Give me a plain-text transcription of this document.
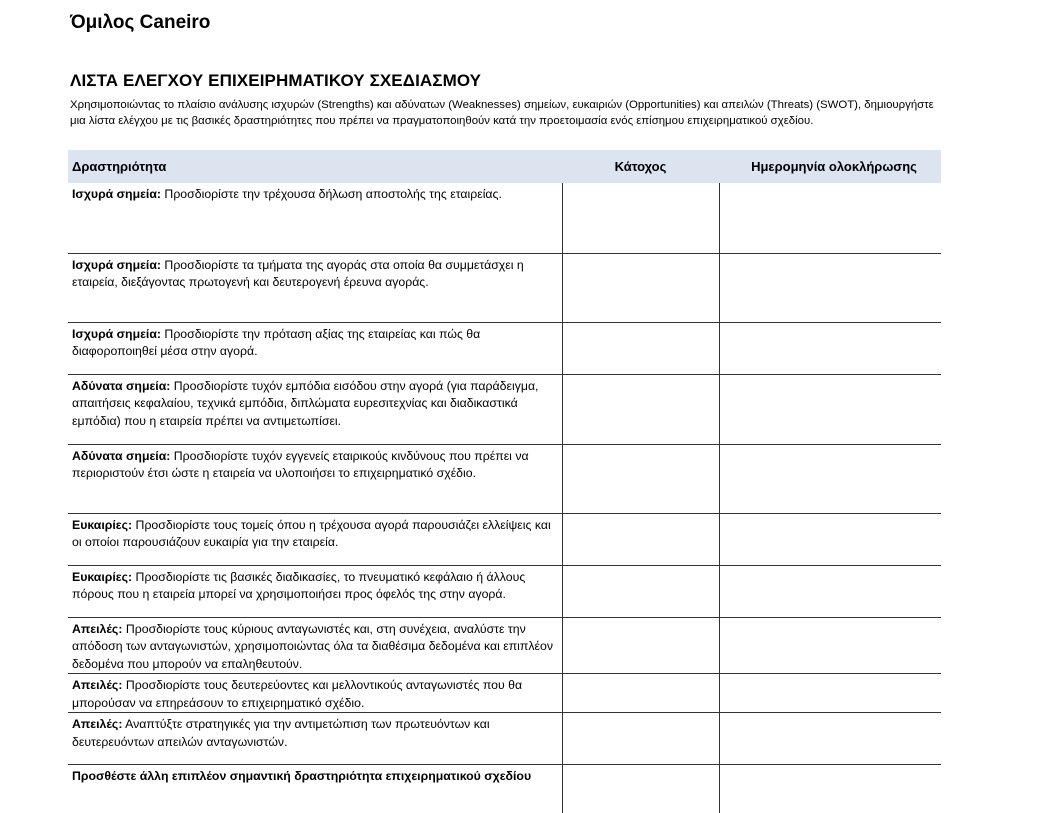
Όμιλος Caneiro
ΛΙΣΤΑ ΕΛΕΓΧΟΥ ΕΠΙΧΕΙΡΗΜΑΤΙΚΟΥ ΣΧΕΔΙΑΣΜΟΥ
Χρησιμοποιώντας το πλαίσιο ανάλυσης ισχυρών (Strengths) και αδύνατων (Weaknesses) σημείων, ευκαιριών (Opportunities) και απειλών (Threats) (SWOT), δημιουργήστε μια λίστα ελέγχου με τις βασικές δραστηριότητες που πρέπει να πραγματοποιηθούν κατά την προετοιμασία ενός επίσημου επιχειρηματικού σχεδίου.
Δραστηριότητα	Κάτοχος	Ημερομηνία ολοκλήρωσης
Ισχυρά σημεία: Προσδιορίστε την τρέχουσα δήλωση αποστολής της εταιρείας.		
Ισχυρά σημεία: Προσδιορίστε τα τμήματα της αγοράς στα οποία θα συμμετάσχει η εταιρεία, διεξάγοντας πρωτογενή και δευτερογενή έρευνα αγοράς.		
Ισχυρά σημεία: Προσδιορίστε την πρόταση αξίας της εταιρείας και πώς θα διαφοροποιηθεί μέσα στην αγορά.		
Αδύνατα σημεία: Προσδιορίστε τυχόν εμπόδια εισόδου στην αγορά (για παράδειγμα, απαιτήσεις κεφαλαίου, τεχνικά εμπόδια, διπλώματα ευρεσιτεχνίας και διαδικαστικά εμπόδια) που η εταιρεία πρέπει να αντιμετωπίσει.		
Αδύνατα σημεία: Προσδιορίστε τυχόν εγγενείς εταιρικούς κινδύνους που πρέπει να περιοριστούν έτσι ώστε η εταιρεία να υλοποιήσει το επιχειρηματικό σχέδιο.		
Ευκαιρίες: Προσδιορίστε τους τομείς όπου η τρέχουσα αγορά παρουσιάζει ελλείψεις και οι οποίοι παρουσιάζουν ευκαιρία για την εταιρεία.		
Ευκαιρίες: Προσδιορίστε τις βασικές διαδικασίες, το πνευματικό κεφάλαιο ή άλλους πόρους που η εταιρεία μπορεί να χρησιμοποιήσει προς όφελός της στην αγορά.		
Απειλές: Προσδιορίστε τους κύριους ανταγωνιστές και, στη συνέχεια, αναλύστε την απόδοση των ανταγωνιστών, χρησιμοποιώντας όλα τα διαθέσιμα δεδομένα και επιπλέον δεδομένα που μπορούν να επαληθευτούν.		
Απειλές: Προσδιορίστε τους δευτερεύοντες και μελλοντικούς ανταγωνιστές που θα μπορούσαν να επηρεάσουν το επιχειρηματικό σχέδιο.		
Απειλές: Αναπτύξτε στρατηγικές για την αντιμετώπιση των πρωτευόντων και δευτερευόντων απειλών ανταγωνιστών.		
Προσθέστε άλλη επιπλέον σημαντική δραστηριότητα επιχειρηματικού σχεδίου		
